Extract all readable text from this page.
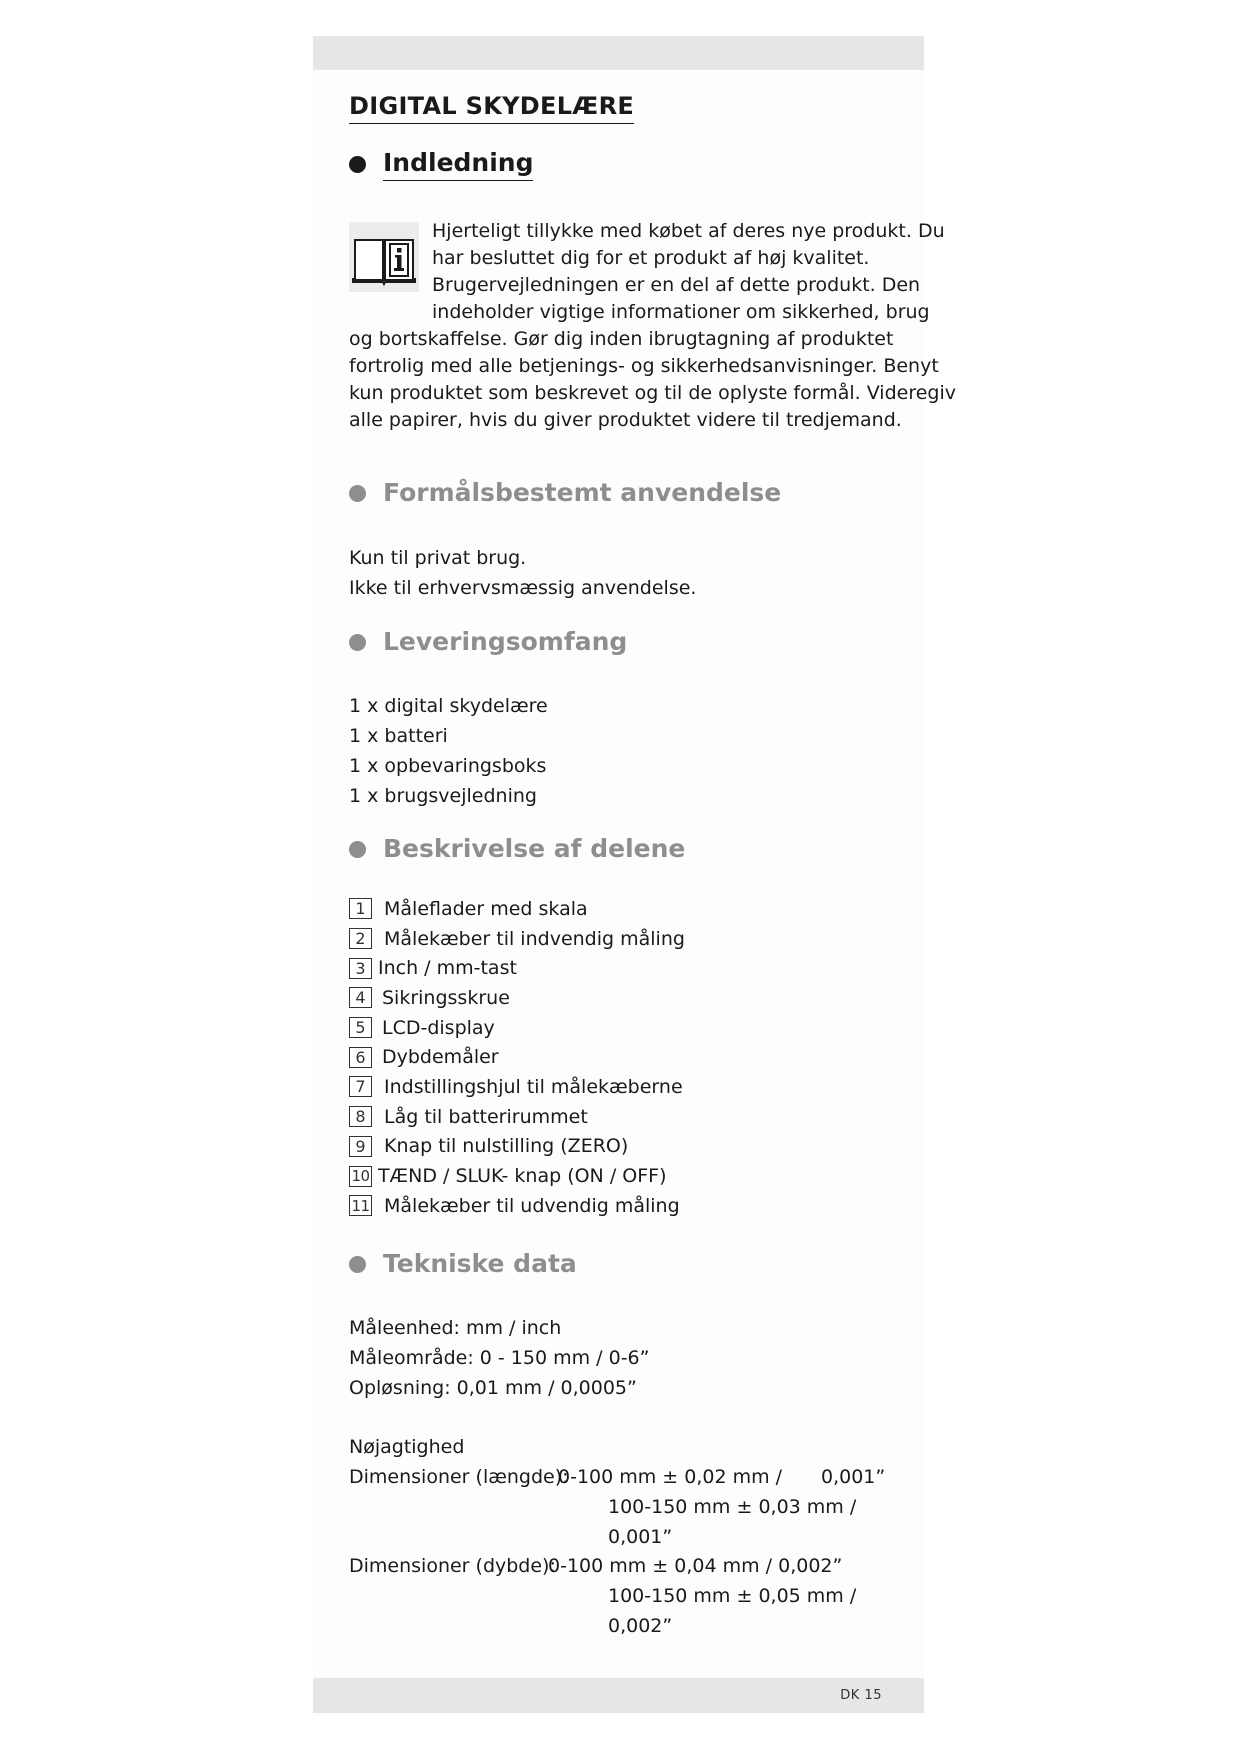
DK 15
DIGITAL SKYDELÆRE
Indledning
Hjerteligt tillykke med købet af deres nye produkt. Du
har besluttet dig for et produkt af høj kvalitet.
Brugervejledningen er en del af dette produkt. Den
indeholder vigtige informationer om sikkerhed, brug
og bortskaffelse. Gør dig inden ibrugtagning af produktet
fortrolig med alle betjenings- og sikkerhedsanvisninger. Benyt
kun produktet som beskrevet og til de oplyste formål. Videregiv
alle papirer, hvis du giver produktet videre til tredjemand.
Formålsbestemt anvendelse
Kun til privat brug.
Ikke til erhvervsmæssig anvendelse.
Leveringsomfang
1 x digital skydelære
1 x batteri
1 x opbevaringsboks
1 x brugsvejledning
Beskrivelse af delene
1 Måleflader med skala
2 Målekæber til indvendig måling
3 Inch / mm-tast
4 Sikringsskrue
5 LCD-display
6 Dybdemåler
7 Indstillingshjul til målekæberne
8 Låg til batterirummet
9 Knap til nulstilling (ZERO)
10 TÆND / SLUK- knap (ON / OFF)
11 Målekæber til udvendig måling
Tekniske data
Måleenhed: mm / inch
Måleområde: 0 - 150 mm / 0-6”
Opløsning: 0,01 mm / 0,0005”
Nøjagtighed
Dimensioner (længde):
0-100 mm ± 0,02 mm / 0,001”
100-150 mm ± 0,03 mm /
0,001”
Dimensioner (dybde):
0-100 mm ± 0,04 mm / 0,002”
100-150 mm ± 0,05 mm /
0,002”
